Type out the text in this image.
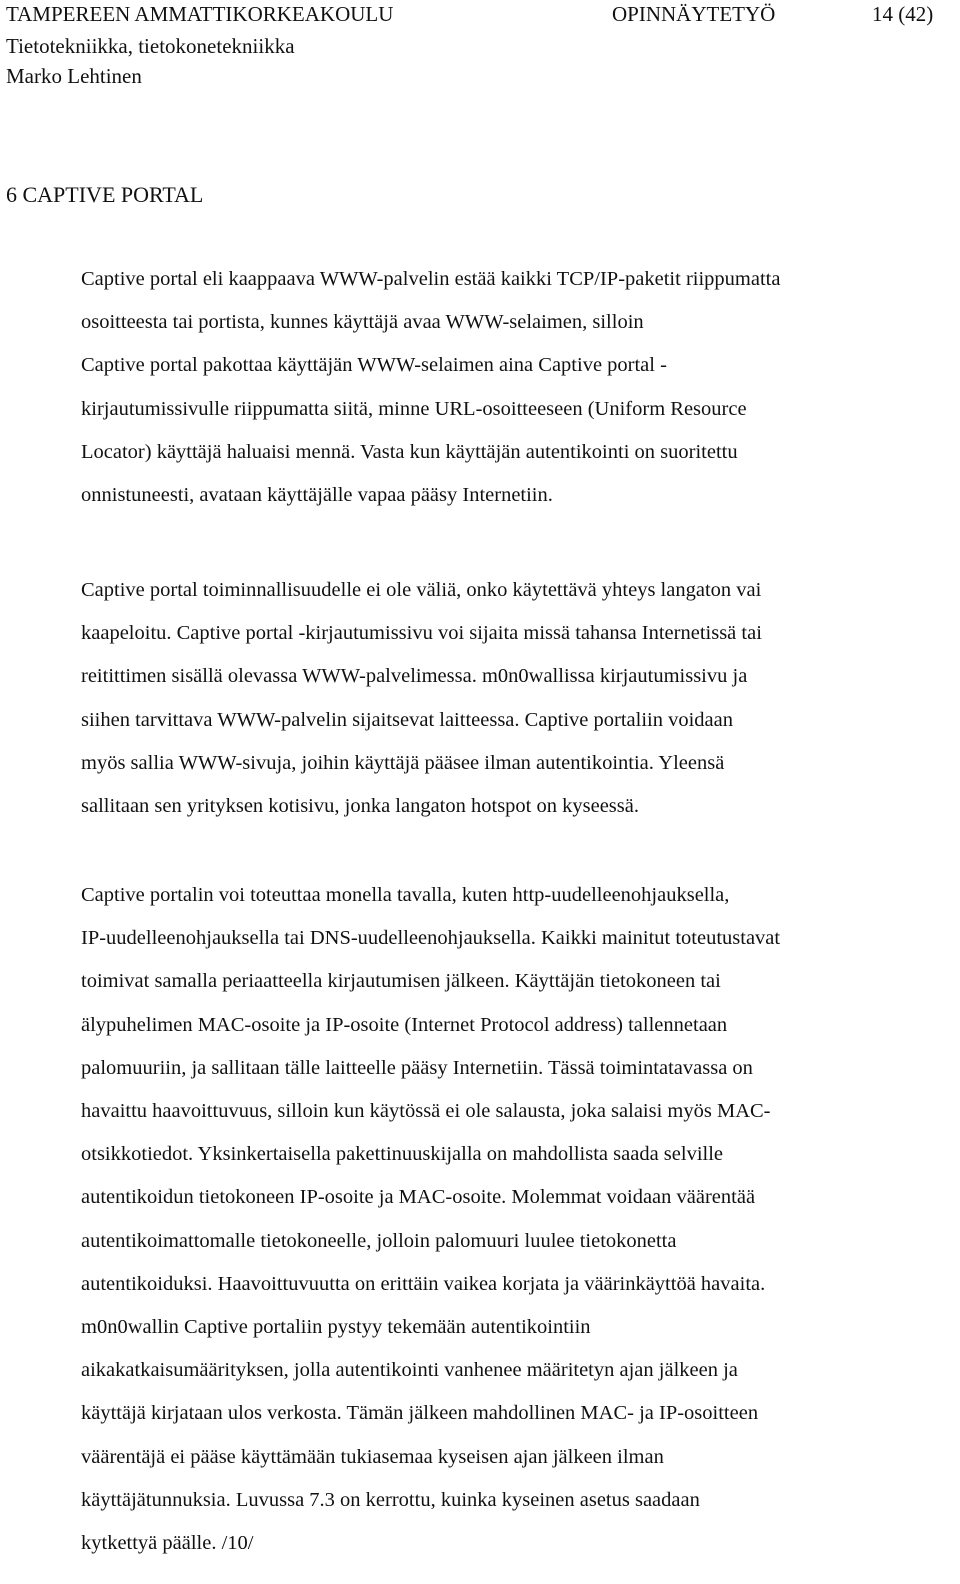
TAMPEREEN AMMATTIKORKEAKOULU	OPINNÄYTETYÖ	14 (42)
Tietotekniikka, tietokonetekniikka
Marko Lehtinen
6 CAPTIVE PORTAL
Captive portal eli kaappaava WWW-palvelin estää kaikki TCP/IP-paketit riippumatta
osoitteesta tai portista, kunnes käyttäjä avaa WWW-selaimen, silloin
Captive portal pakottaa käyttäjän WWW-selaimen aina Captive portal -
kirjautumissivulle riippumatta siitä, minne URL-osoitteeseen (Uniform Resource
Locator) käyttäjä haluaisi mennä. Vasta kun käyttäjän autentikointi on suoritettu
onnistuneesti, avataan käyttäjälle vapaa pääsy Internetiin.
Captive portal toiminnallisuudelle ei ole väliä, onko käytettävä yhteys langaton vai
kaapeloitu. Captive portal -kirjautumissivu voi sijaita missä tahansa Internetissä tai
reitittimen sisällä olevassa WWW-palvelimessa. m0n0wallissa kirjautumissivu ja
siihen tarvittava WWW-palvelin sijaitsevat laitteessa. Captive portaliin voidaan
myös sallia WWW-sivuja, joihin käyttäjä pääsee ilman autentikointia. Yleensä
sallitaan sen yrityksen kotisivu, jonka langaton hotspot on kyseessä.
Captive portalin voi toteuttaa monella tavalla, kuten http-uudelleenohjauksella,
IP-uudelleenohjauksella tai DNS-uudelleenohjauksella. Kaikki mainitut toteutustavat
toimivat samalla periaatteella kirjautumisen jälkeen. Käyttäjän tietokoneen tai
älypuhelimen MAC-osoite ja IP-osoite (Internet Protocol address) tallennetaan
palomuuriin, ja sallitaan tälle laitteelle pääsy Internetiin. Tässä toimintatavassa on
havaittu haavoittuvuus, silloin kun käytössä ei ole salausta, joka salaisi myös MAC-
otsikkotiedot. Yksinkertaisella pakettinuuskijalla on mahdollista saada selville
autentikoidun tietokoneen IP-osoite ja MAC-osoite. Molemmat voidaan väärentää
autentikoimattomalle tietokoneelle, jolloin palomuuri luulee tietokonetta
autentikoiduksi. Haavoittuvuutta on erittäin vaikea korjata ja väärinkäyttöä havaita.
m0n0wallin Captive portaliin pystyy tekemään autentikointiin
aikakatkaisumäärityksen, jolla autentikointi vanhenee määritetyn ajan jälkeen ja
käyttäjä kirjataan ulos verkosta. Tämän jälkeen mahdollinen MAC- ja IP-osoitteen
väärentäjä ei pääse käyttämään tukiasemaa kyseisen ajan jälkeen ilman
käyttäjätunnuksia. Luvussa 7.3 on kerrottu, kuinka kyseinen asetus saadaan
kytkettyä päälle. /10/
